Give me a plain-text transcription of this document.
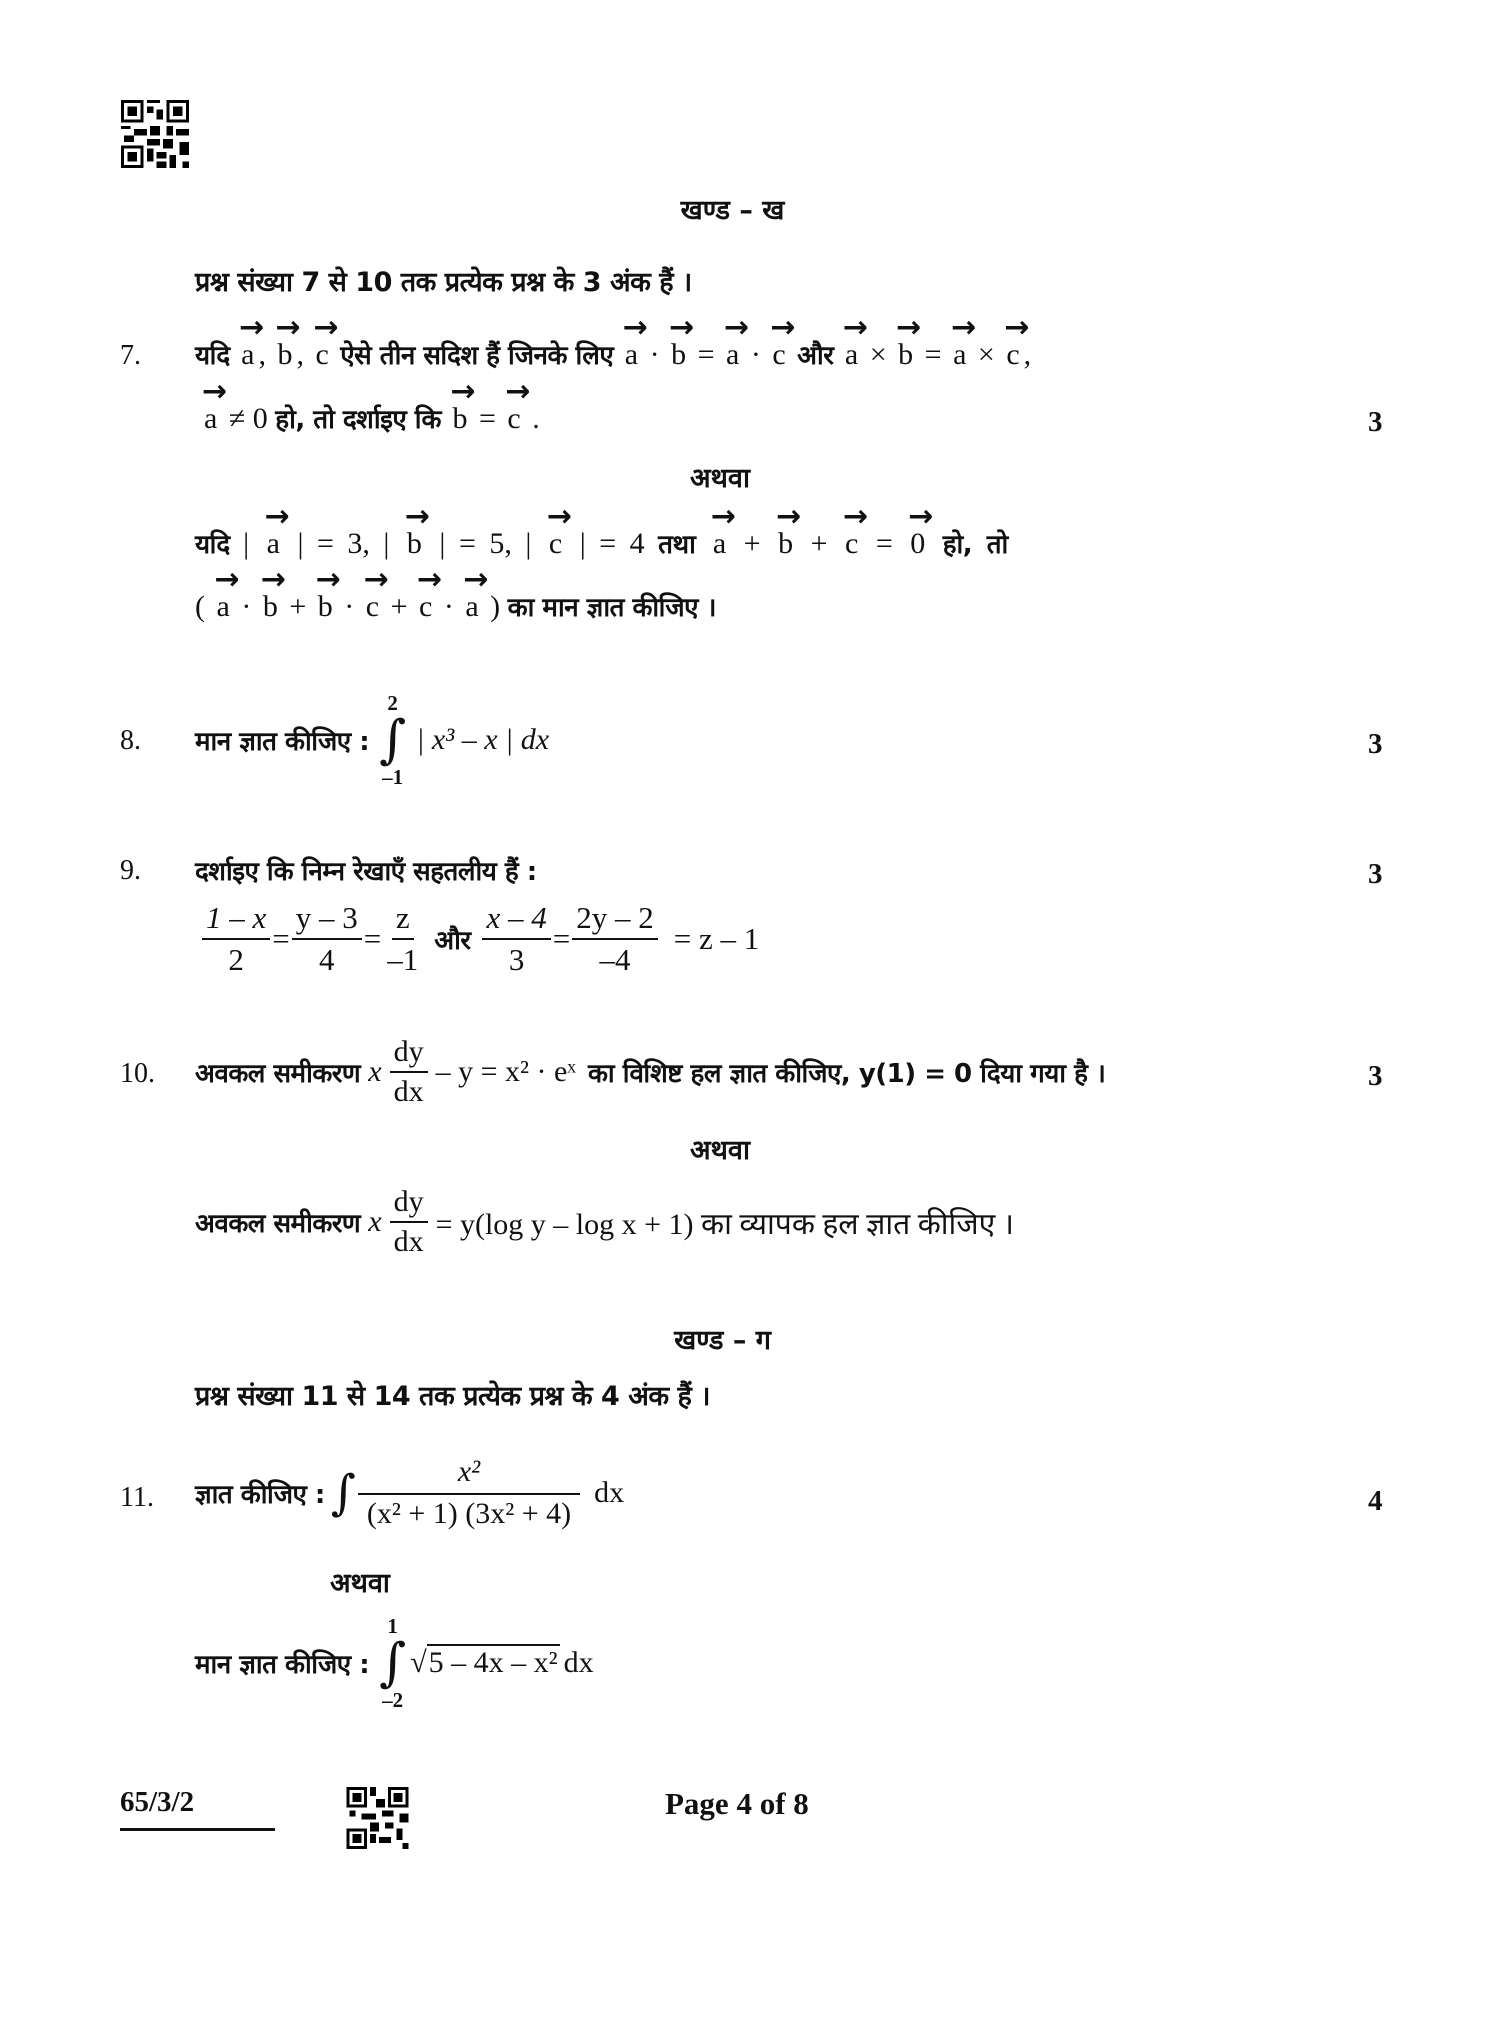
खण्ड – ख
प्रश्न संख्या 7 से 10 तक प्रत्येक प्रश्न के 3 अंक हैं ।
7. यदि → a , → b , → c ऐसे तीन सदिश हैं जिनके लिए → a · → b = → a · → c और → a × → b = → a × → c ,
→ a ≠ 0 हो, तो दर्शाइए कि → b = → c .	3
अथवा
यदि | → a | = 3, | → b | = 5, | → c | = 4 तथा → a + → b + → c = → 0 हो, तो
( → a · → b + → b · → c + → c · → a ) का मान ज्ञात कीजिए ।
8. मान ज्ञात कीजिए :
2
∫
–1
| x³ – x | dx	3
9. दर्शाइए कि निम्न रेखाएँ सहतलीय हैं :	3
$\frac{1 - x}{2} = \frac{y - 3}{4} = \frac{z}{-1}$ और $\frac{x - 4}{3} = \frac{2y - 2}{-4} = z - 1$
10. अवकल समीकरण x $\frac{dy}{dx} - y = x^2$ · eˣ का विशिष्ट हल ज्ञात कीजिए, y(1) = 0 दिया गया है ।	3
अथवा
अवकल समीकरण x $\frac{dy}{dx} = y(\log$ y – log x + 1) का व्यापक हल ज्ञात कीजिए ।
खण्ड – ग
प्रश्न संख्या 11 से 14 तक प्रत्येक प्रश्न के 4 अंक हैं ।
11. ज्ञात कीजिए : ∫ $\frac{\text{x²}}{\text{(x² + 1) (3x² + 4)}}$ dx	4
अथवा
मान ज्ञात कीजिए :
1
∫
–2
√5 – 4x – x² dx
65/3/2	Page 4 of 8
